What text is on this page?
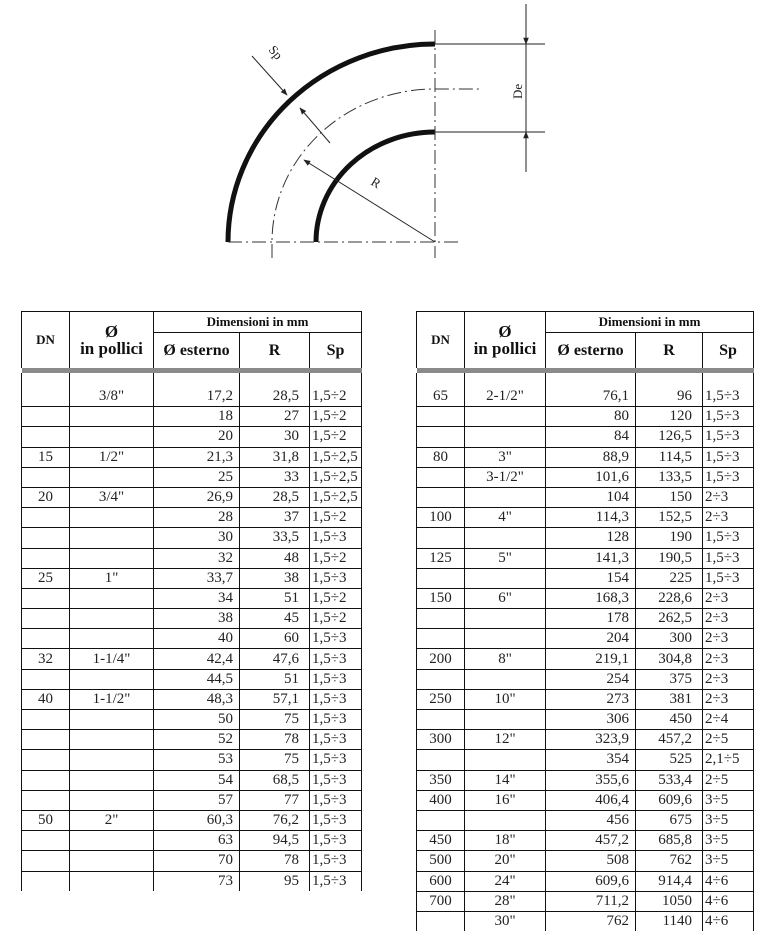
De
Sp
R
DN	Ø
in pollici	Dimensioni in mm		
		Ø esterno	R	Sp

	3/8"	17,2	28,5	1,5÷2
		18	27	1,5÷2
		20	30	1,5÷2
15	1/2"	21,3	31,8	1,5÷2,5
		25	33	1,5÷2,5
20	3/4"	26,9	28,5	1,5÷2,5
		28	37	1,5÷2
		30	33,5	1,5÷3
		32	48	1,5÷2
25	1"	33,7	38	1,5÷3
		34	51	1,5÷2
		38	45	1,5÷2
		40	60	1,5÷3
32	1-1/4"	42,4	47,6	1,5÷3
		44,5	51	1,5÷3
40	1-1/2"	48,3	57,1	1,5÷3
		50	75	1,5÷3
		52	78	1,5÷3
		53	75	1,5÷3
		54	68,5	1,5÷3
		57	77	1,5÷3
50	2"	60,3	76,2	1,5÷3
		63	94,5	1,5÷3
		70	78	1,5÷3
		73	95	1,5÷3
DN	Ø
in pollici	Dimensioni in mm		
		Ø esterno	R	Sp

65	2-1/2"	76,1	96	1,5÷3
		80	120	1,5÷3
		84	126,5	1,5÷3
80	3"	88,9	114,5	1,5÷3
	3-1/2"	101,6	133,5	1,5÷3
		104	150	2÷3
100	4"	114,3	152,5	2÷3
		128	190	1,5÷3
125	5"	141,3	190,5	1,5÷3
		154	225	1,5÷3
150	6"	168,3	228,6	2÷3
		178	262,5	2÷3
		204	300	2÷3
200	8"	219,1	304,8	2÷3
		254	375	2÷3
250	10"	273	381	2÷3
		306	450	2÷4
300	12"	323,9	457,2	2÷5
		354	525	2,1÷5
350	14"	355,6	533,4	2÷5
400	16"	406,4	609,6	3÷5
		456	675	3÷5
450	18"	457,2	685,8	3÷5
500	20"	508	762	3÷5
600	24"	609,6	914,4	4÷6
700	28"	711,2	1050	4÷6
	30"	762	1140	4÷6
